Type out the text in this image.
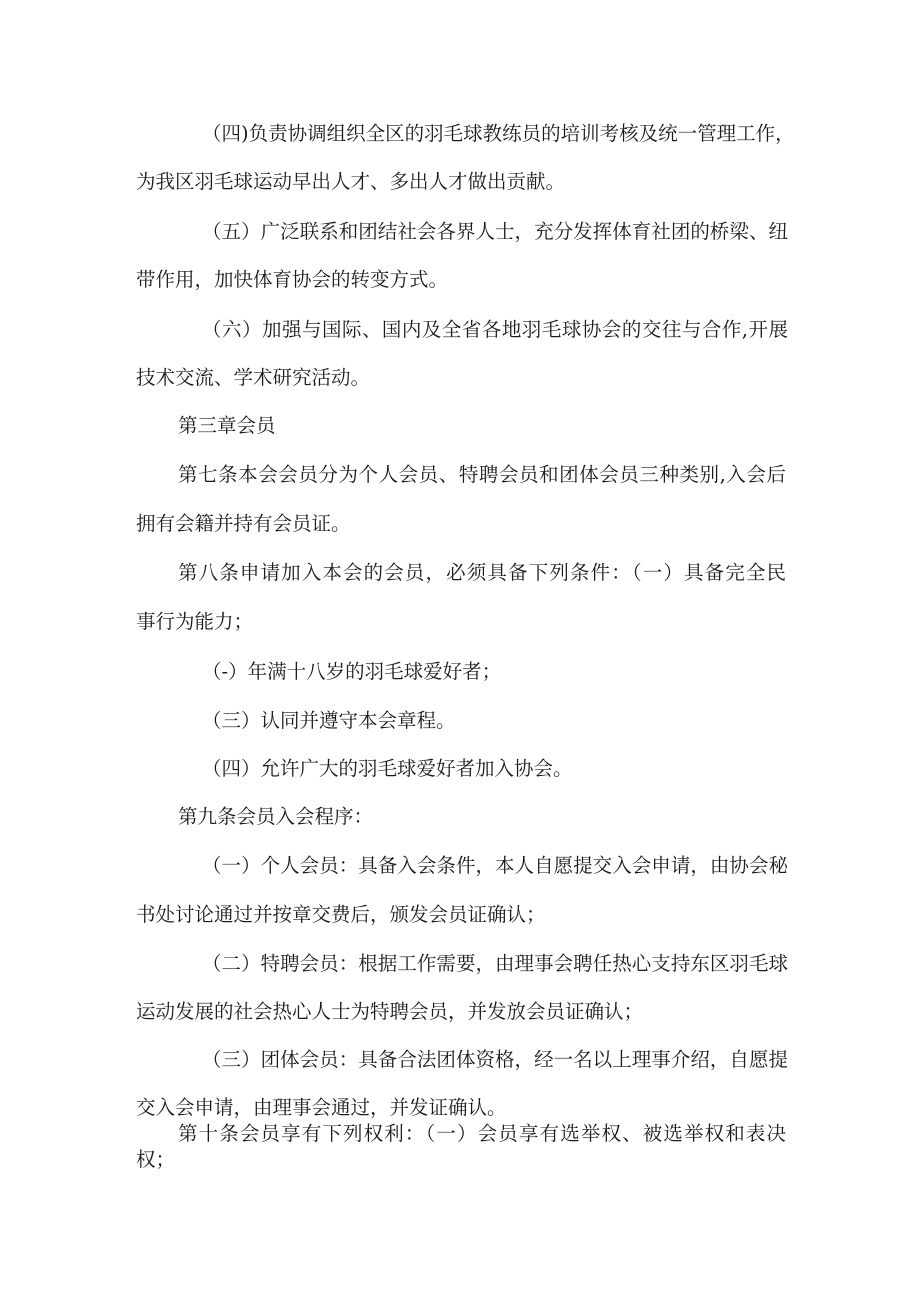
（四)负责协调组织全区的羽毛球教练员的培训考核及统一管理工作，
为我区羽毛球运动早出人才、多出人才做出贡献。
（五）广泛联系和团结社会各界人士，充分发挥体育社团的桥梁、纽
带作用，加快体育协会的转变方式。
（六）加强与国际、国内及全省各地羽毛球协会的交往与合作,开展
技术交流、学术研究活动。
第三章会员
第七条本会会员分为个人会员、特聘会员和团体会员三种类别,入会后
拥有会籍并持有会员证。
第八条申请加入本会的会员，必须具备下列条件：（一）具备完全民
事行为能力；
（-）年满十八岁的羽毛球爱好者；
（三）认同并遵守本会章程。
（四）允许广大的羽毛球爱好者加入协会。
第九条会员入会程序：
（一）个人会员：具备入会条件，本人自愿提交入会申请，由协会秘
书处讨论通过并按章交费后，颁发会员证确认；
（二）特聘会员：根据工作需要，由理事会聘任热心支持东区羽毛球
运动发展的社会热心人士为特聘会员，并发放会员证确认；
（三）团体会员：具备合法团体资格，经一名以上理事介绍，自愿提
交入会申请，由理事会通过，并发证确认。
第十条会员享有下列权利：（一）会员享有选举权、被选举权和表决
权；
